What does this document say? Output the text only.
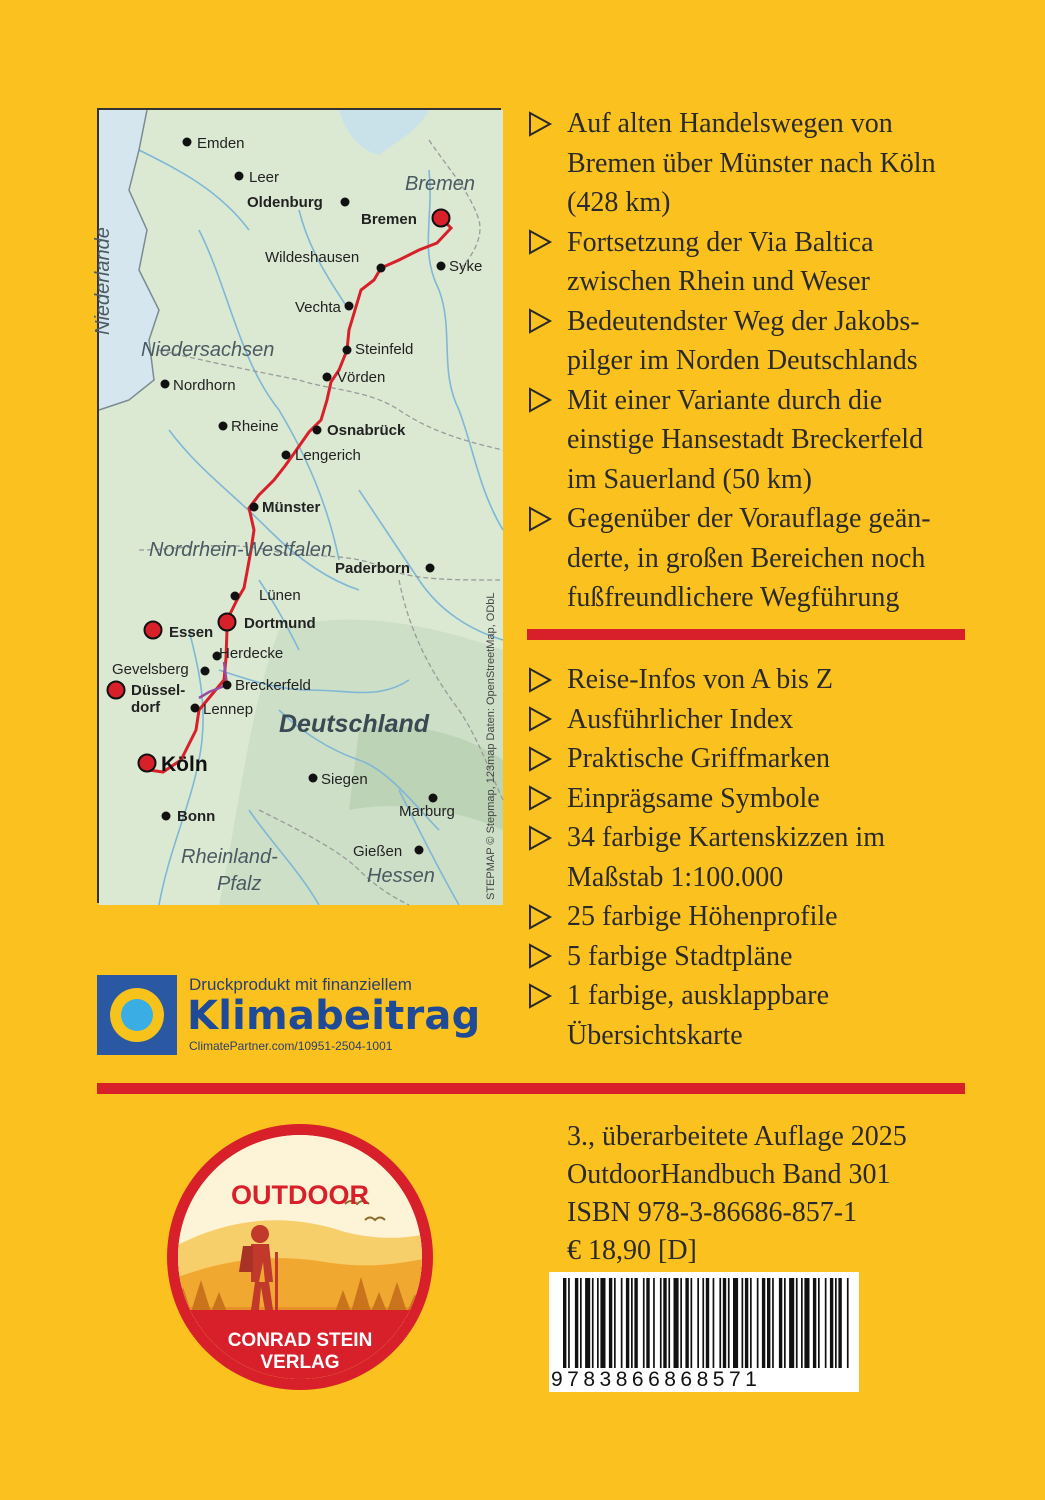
Niederlande
Emden
Leer
Oldenburg
Bremen
Bremen
Wildeshausen
Syke
Vechta
Niedersachsen	Steinfeld
Vörden
Nordhorn
Rheine	Osnabrück
Lengerich
Münster
Nordrhein-Westfalen
Paderborn
Lünen
Dortmund
Essen
Herdecke
Gevelsberg
Düssel-
dorf
Breckerfeld
Lennep
Deutschland
Köln
Siegen
Marburg
Bonn
Rheinland-
Pfalz
Gießen
Hessen	STEPMAP © Stepmap, 123map Daten: OpenStreetMap, ODbL
Auf alten Handelswegen von
Bremen über Münster nach Köln
(428 km)
Fortsetzung der Via Baltica
zwischen Rhein und Weser
Bedeutendster Weg der Jakobs-
pilger im Norden Deutschlands
Mit einer Variante durch die
einstige Hansestadt Breckerfeld
im Sauerland (50 km)
Gegenüber der Vorauflage geän-
derte, in großen Bereichen noch
fußfreundlichere Wegführung
Reise-Infos von A bis Z
Ausführlicher Index
Praktische Griffmarken
Einprägsame Symbole
34 farbige Kartenskizzen im
Maßstab 1:100.000
25 farbige Höhenprofile
5 farbige Stadtpläne
1 farbige, ausklappbare
Übersichtskarte
Druckprodukt mit finanziellem
Klimabeitrag
ClimatePartner.com/10951-2504-1001
OUTDOOR
CONRAD STEIN
VERLAG
3., überarbeitete Auflage 2025
OutdoorHandbuch Band 301
ISBN 978-3-86686-857-1
€ 18,90 [D]
9783866868571
